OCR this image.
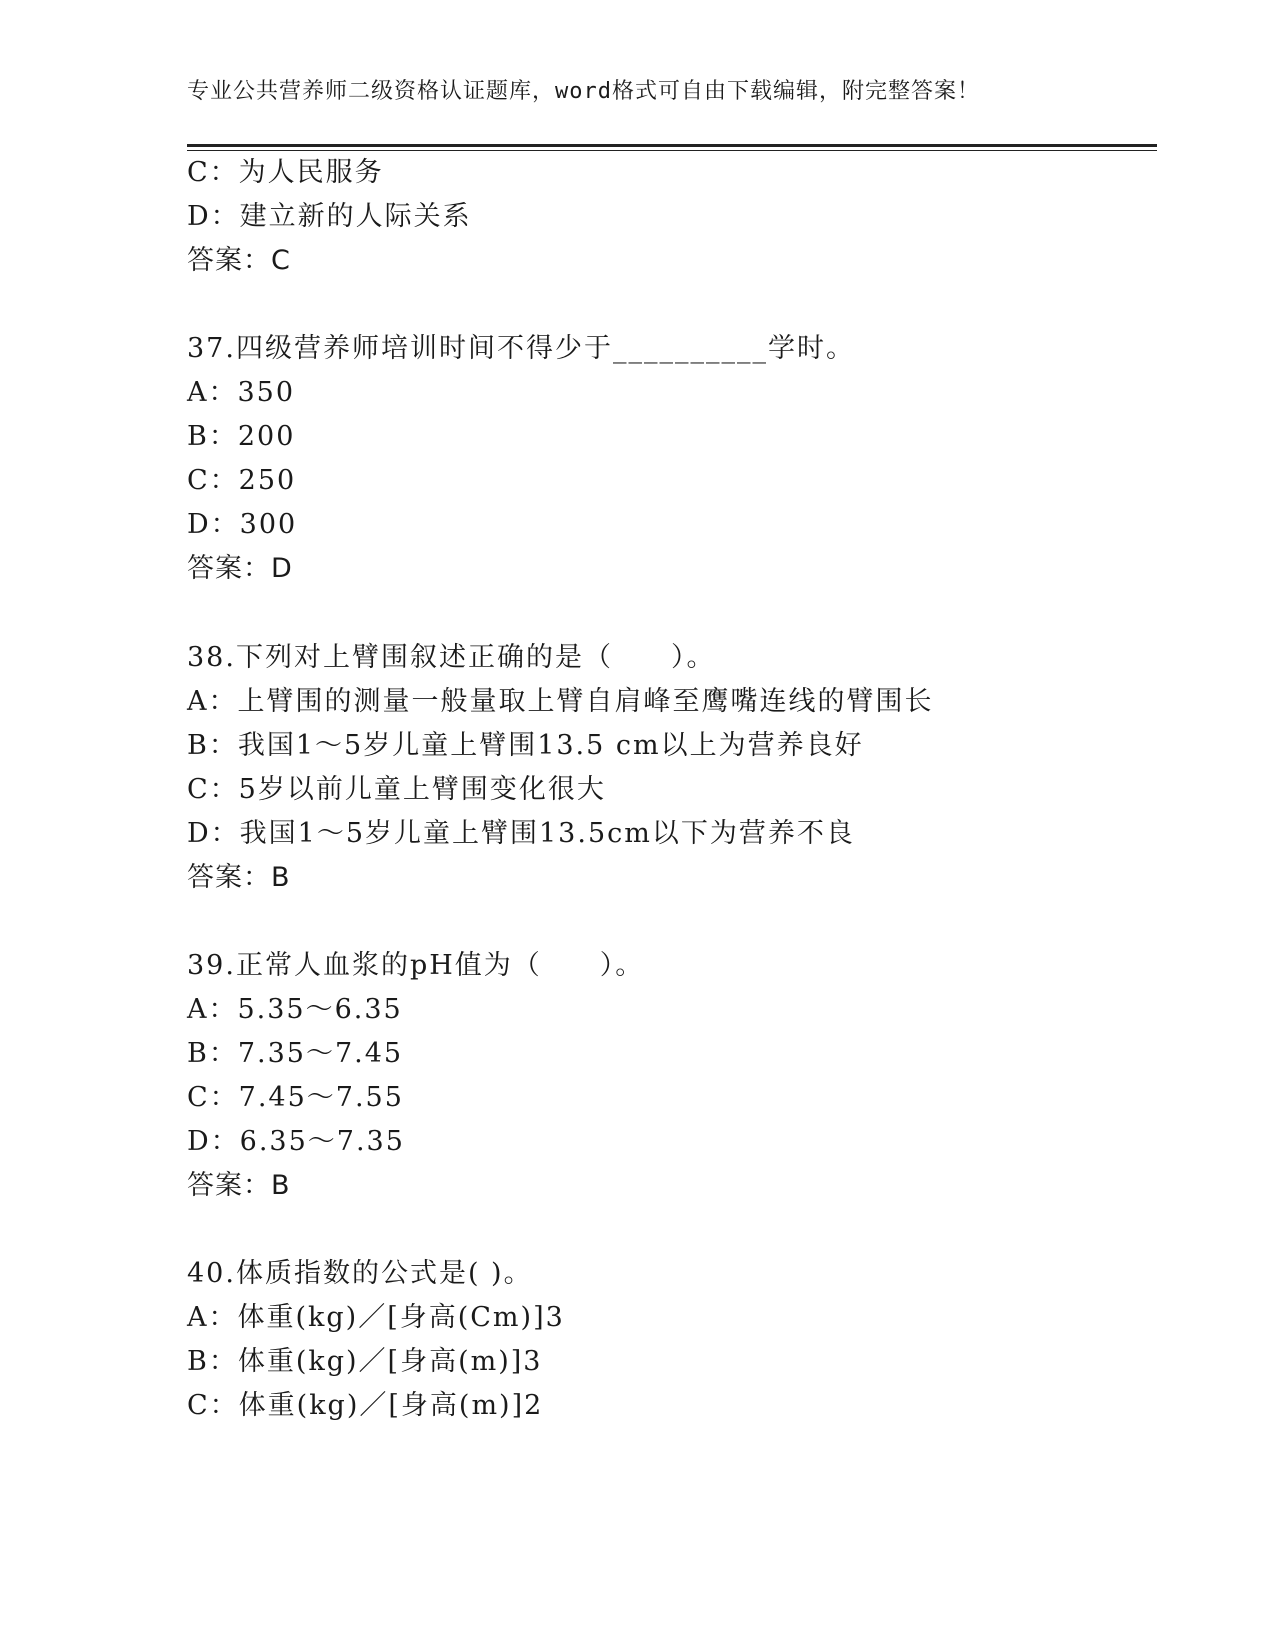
专业公共营养师二级资格认证题库，word格式可自由下载编辑，附完整答案！
C：为人民服务
D：建立新的人际关系
答案：C
37.四级营养师培训时间不得少于__________学时。
A：350
B：200
C：250
D：300
答案：D
38.下列对上臂围叙述正确的是（　　）。
A：上臂围的测量一般量取上臂自肩峰至鹰嘴连线的臂围长
B：我国1～5岁儿童上臂围13.5 cm以上为营养良好
C：5岁以前儿童上臂围变化很大
D：我国1～5岁儿童上臂围13.5cm以下为营养不良
答案：B
39.正常人血浆的pH值为（　　）。
A：5.35～6.35
B：7.35～7.45
C：7.45～7.55
D：6.35～7.35
答案：B
40.体质指数的公式是( )。
A：体重(kg)／[身高(Cm)]3
B：体重(kg)／[身高(m)]3
C：体重(kg)／[身高(m)]2
